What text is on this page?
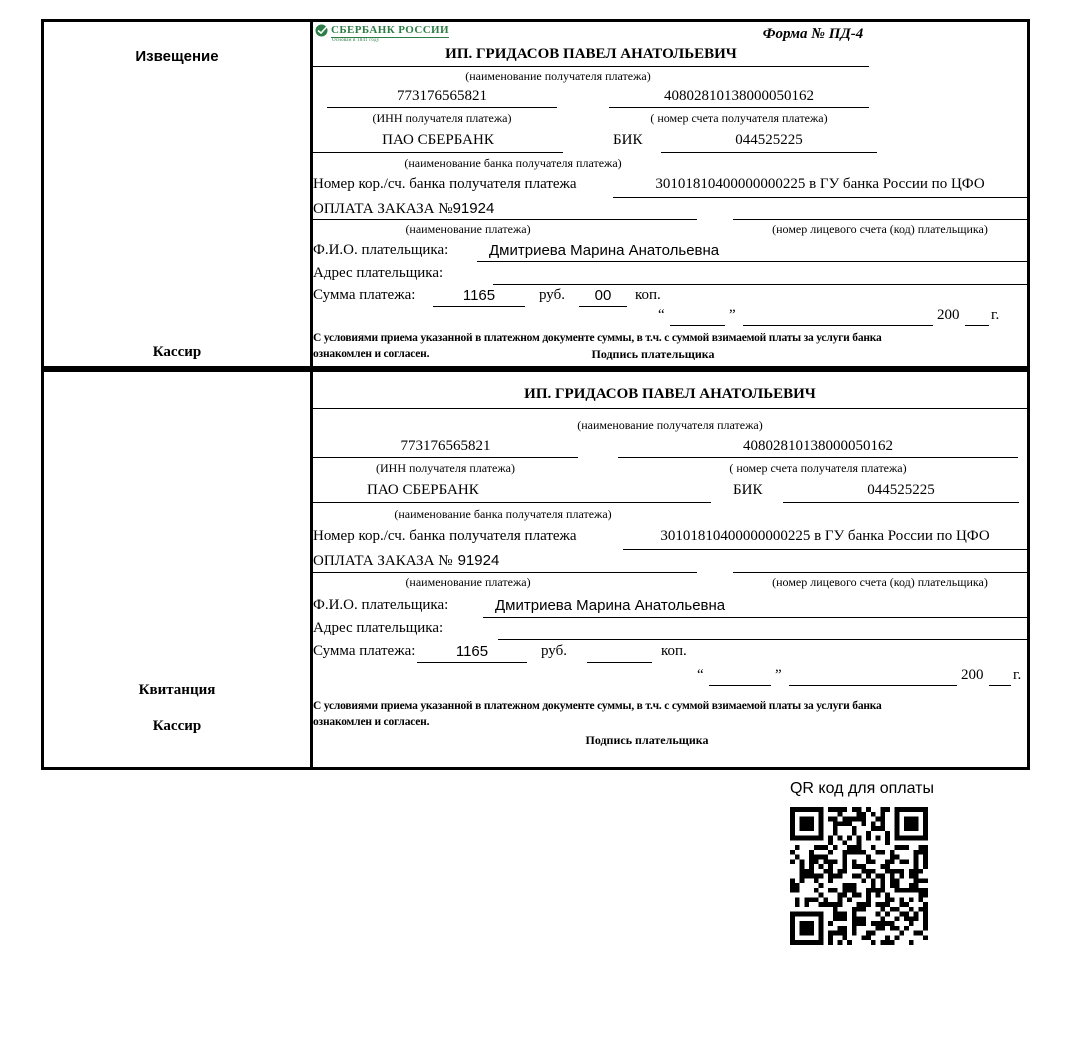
Извещение
Кассир
СБЕРБАНК РОССИИ
Основан в 1841 году	Форма № ПД-4
ИП. ГРИДАСОВ ПАВЕЛ АНАТОЛЬЕВИЧ
(наименование получателя платежа)
773176565821	40802810138000050162
(ИНН получателя платежа)	( номер счета получателя платежа)
ПАО СБЕРБАНК	БИК	044525225
(наименование банка получателя платежа)
Номер кор./сч. банка получателя платежа	30101810400000000225 в ГУ банка России по ЦФО
ОПЛАТА ЗАКАЗА №91924
(наименование платежа)	(номер лицевого счета (код) плательщика)
Ф.И.О. плательщика:	Дмитриева Марина Анатольевна
Адрес плательщика:
Сумма платежа:	1165	руб.	00	коп.
“	”	200 г.
С условиями приема указанной в платежном документе суммы, в т.ч. с суммой взимаемой платы за услуги банка
ознакомлен и согласен.	Подпись плательщика
Квитанция
Кассир
ИП. ГРИДАСОВ ПАВЕЛ АНАТОЛЬЕВИЧ
(наименование получателя платежа)
773176565821	40802810138000050162
(ИНН получателя платежа)	( номер счета получателя платежа)
ПАО СБЕРБАНК	БИК	044525225
(наименование банка получателя платежа)
Номер кор./сч. банка получателя платежа	30101810400000000225 в ГУ банка России по ЦФО
ОПЛАТА ЗАКАЗА № 91924
(наименование платежа)	(номер лицевого счета (код) плательщика)
Ф.И.О. плательщика:	Дмитриева Марина Анатольевна
Адрес плательщика:
Сумма платежа:	1165	руб.	коп.
“	”	200 г.
С условиями приема указанной в платежном документе суммы, в т.ч. с суммой взимаемой платы за услуги банка
ознакомлен и согласен.
Подпись плательщика
QR код для оплаты
